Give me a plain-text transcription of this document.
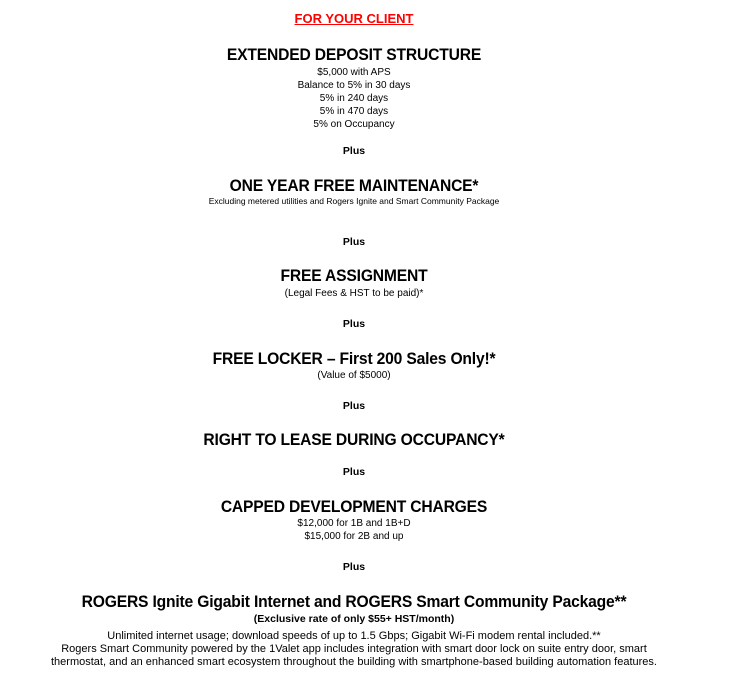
FOR YOUR CLIENT
EXTENDED DEPOSIT STRUCTURE
$5,000 with APS
Balance to 5% in 30 days
5% in 240 days
5% in 470 days
5% on Occupancy
Plus
ONE YEAR FREE MAINTENANCE*
Excluding metered utilities and Rogers Ignite and Smart Community Package
Plus
FREE ASSIGNMENT
(Legal Fees & HST to be paid)*
Plus
FREE LOCKER – First 200 Sales Only!*
(Value of $5000)
Plus
RIGHT TO LEASE DURING OCCUPANCY*
Plus
CAPPED DEVELOPMENT CHARGES
$12,000 for 1B and 1B+D
$15,000 for 2B and up
Plus
ROGERS Ignite Gigabit Internet and ROGERS Smart Community Package**
(Exclusive rate of only $55+ HST/month)
Unlimited internet usage; download speeds of up to 1.5 Gbps; Gigabit Wi-Fi modem rental included.**
Rogers Smart Community powered by the 1Valet app includes integration with smart door lock on suite entry door, smart
thermostat, and an enhanced smart ecosystem throughout the building with smartphone-based building automation features.
